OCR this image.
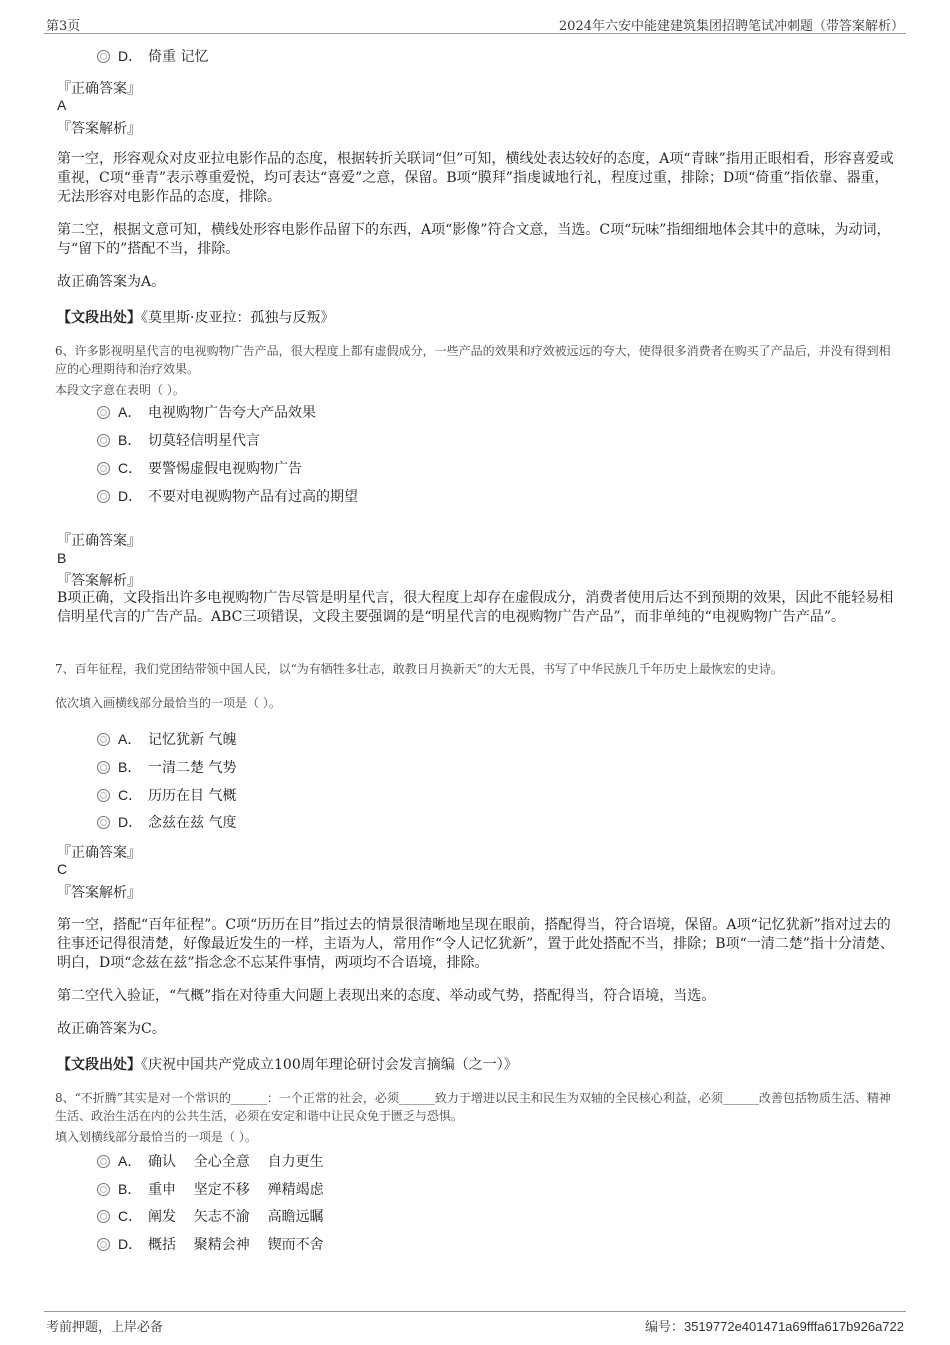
第3页	2024年六安中能建建筑集团招聘笔试冲刺题（带答案解析）
D． 倚重 记忆
『正确答案』
A
『答案解析』
第一空，形容观众对皮亚拉电影作品的态度，根据转折关联词“但”可知，横线处表达较好的态度，A项“青睐”指用正眼相看，形容喜爱或重视，C项“垂青”表示尊重爱悦，均可表达“喜爱”之意，保留。B项“膜拜”指虔诚地行礼，程度过重，排除；D项“倚重”指依靠、器重，无法形容对电影作品的态度，排除。
第二空，根据文意可知，横线处形容电影作品留下的东西，A项“影像”符合文意，当选。C项“玩味”指细细地体会其中的意味，为动词，与“留下的”搭配不当，排除。
故正确答案为A。
【文段出处】《莫里斯·皮亚拉：孤独与反叛》
6、许多影视明星代言的电视购物广告产品，很大程度上都有虚假成分，一些产品的效果和疗效被远远的夸大，使得很多消费者在购买了产品后，并没有得到相应的心理期待和治疗效果。
本段文字意在表明（ ）。
A． 电视购物广告夸大产品效果
B． 切莫轻信明星代言
C． 要警惕虚假电视购物广告
D． 不要对电视购物产品有过高的期望
『正确答案』
B
『答案解析』
B项正确，文段指出许多电视购物广告尽管是明星代言，很大程度上却存在虚假成分，消费者使用后达不到预期的效果，因此不能轻易相信明星代言的广告产品。ABC三项错误，文段主要强调的是“明星代言的电视购物广告产品”，而非单纯的“电视购物广告产品”。
7、百年征程，我们党团结带领中国人民，以“为有牺牲多壮志，敢教日月换新天”的大无畏，书写了中华民族几千年历史上最恢宏的史诗。
依次填入画横线部分最恰当的一项是（ ）。
A． 记忆犹新 气魄
B． 一清二楚 气势
C． 历历在目 气概
D． 念兹在兹 气度
『正确答案』
C
『答案解析』
第一空，搭配“百年征程”。C项“历历在目”指过去的情景很清晰地呈现在眼前，搭配得当，符合语境，保留。A项“记忆犹新”指对过去的往事还记得很清楚，好像最近发生的一样，主语为人，常用作“令人记忆犹新”，置于此处搭配不当，排除；B项“一清二楚”指十分清楚、明白，D项“念兹在兹”指念念不忘某件事情，两项均不合语境，排除。
第二空代入验证，“气概”指在对待重大问题上表现出来的态度、举动或气势，搭配得当，符合语境，当选。
故正确答案为C。
【文段出处】《庆祝中国共产党成立100周年理论研讨会发言摘编（之一）》
8、“不折腾”其实是对一个常识的______：一个正常的社会，必须______致力于增进以民主和民生为双轴的全民核心利益，必须______改善包括物质生活、精神生活、政治生活在内的公共生活，必须在安定和谐中让民众免于匮乏与恐惧。
填入划横线部分最恰当的一项是（ ）。
A． 确认    全心全意    自力更生
B． 重申    坚定不移    殚精竭虑
C． 阐发    矢志不渝    高瞻远瞩
D． 概括    聚精会神    锲而不舍
考前押题，上岸必备	编号：3519772e401471a69fffa617b926a722
